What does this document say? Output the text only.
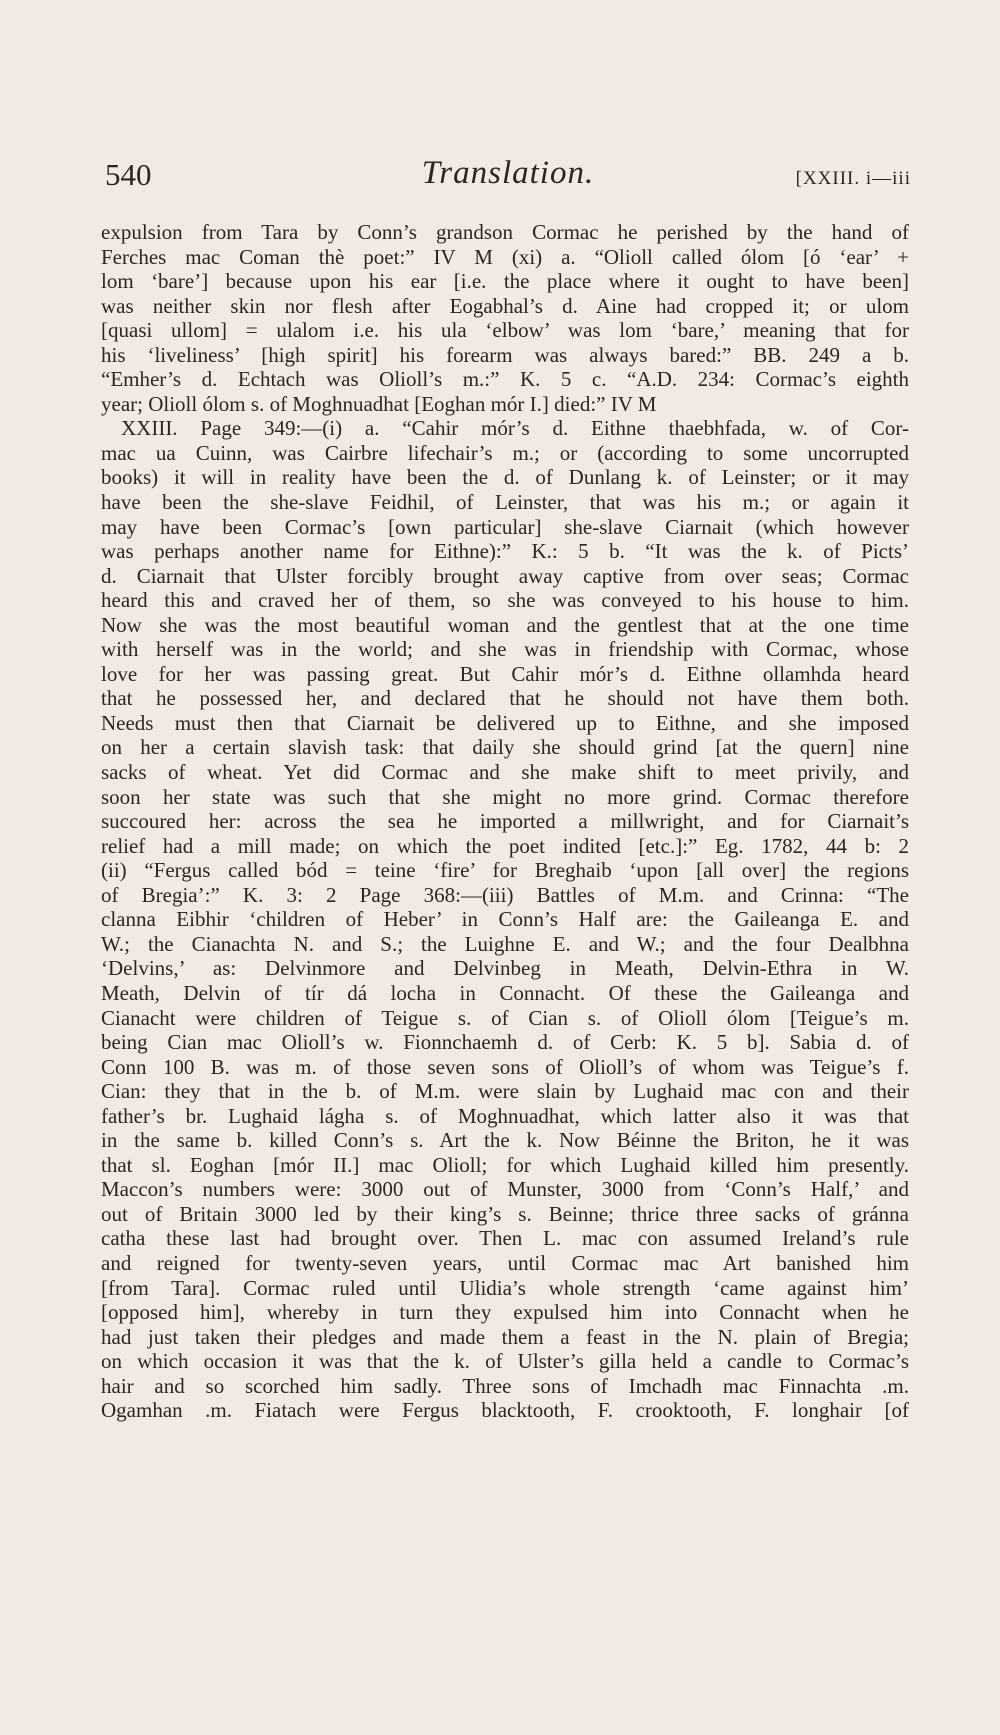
540	Translation.	[XXIII. i—iii
expulsion from Tara by Conn’s grandson Cormac he perished by the hand of
Ferches mac Coman thè poet:” IV M (xi) a. “Olioll called ólom [ó ‘ear’ +
lom ‘bare’] because upon his ear [i.e. the place where it ought to have been]
was neither skin nor flesh after Eogabhal’s d. Aine had cropped it; or ulom
[quasi ullom] = ulalom i.e. his ula ‘elbow’ was lom ‘bare,’ meaning that for
his ‘liveliness’ [high spirit] his forearm was always bared:” BB. 249 a b.
“Emher’s d. Echtach was Olioll’s m.:” K. 5 c. “A.D. 234: Cormac’s eighth
year; Olioll ólom s. of Moghnuadhat [Eoghan mór I.] died:” IV M
XXIII. Page 349:—(i) a. “Cahir mór’s d. Eithne thaebhfada, w. of Cor-
mac ua Cuinn, was Cairbre lifechair’s m.; or (according to some uncorrupted
books) it will in reality have been the d. of Dunlang k. of Leinster; or it may
have been the she-slave Feidhil, of Leinster, that was his m.; or again it
may have been Cormac’s [own particular] she-slave Ciarnait (which however
was perhaps another name for Eithne):” K.: 5 b. “It was the k. of Picts’
d. Ciarnait that Ulster forcibly brought away captive from over seas; Cormac
heard this and craved her of them, so she was conveyed to his house to him.
Now she was the most beautiful woman and the gentlest that at the one time
with herself was in the world; and she was in friendship with Cormac, whose
love for her was passing great. But Cahir mór’s d. Eithne ollamhda heard
that he possessed her, and declared that he should not have them both.
Needs must then that Ciarnait be delivered up to Eithne, and she imposed
on her a certain slavish task: that daily she should grind [at the quern] nine
sacks of wheat. Yet did Cormac and she make shift to meet privily, and
soon her state was such that she might no more grind. Cormac therefore
succoured her: across the sea he imported a millwright, and for Ciarnait’s
relief had a mill made; on which the poet indited [etc.]:” Eg. 1782, 44 b: 2
(ii) “Fergus called bód = teine ‘fire’ for Breghaib ‘upon [all over] the regions
of Bregia’:” K. 3: 2 Page 368:—(iii) Battles of M.m. and Crinna: “The
clanna Eibhir ‘children of Heber’ in Conn’s Half are: the Gaileanga E. and
W.; the Cianachta N. and S.; the Luighne E. and W.; and the four Dealbhna
‘Delvins,’ as: Delvinmore and Delvinbeg in Meath, Delvin-Ethra in W.
Meath, Delvin of tír dá locha in Connacht. Of these the Gaileanga and
Cianacht were children of Teigue s. of Cian s. of Olioll ólom [Teigue’s m.
being Cian mac Olioll’s w. Fionnchaemh d. of Cerb: K. 5 b]. Sabia d. of
Conn 100 B. was m. of those seven sons of Olioll’s of whom was Teigue’s f.
Cian: they that in the b. of M.m. were slain by Lughaid mac con and their
father’s br. Lughaid lágha s. of Moghnuadhat, which latter also it was that
in the same b. killed Conn’s s. Art the k. Now Béinne the Briton, he it was
that sl. Eoghan [mór II.] mac Olioll; for which Lughaid killed him presently.
Maccon’s numbers were: 3000 out of Munster, 3000 from ‘Conn’s Half,’ and
out of Britain 3000 led by their king’s s. Beinne; thrice three sacks of gránna
catha these last had brought over. Then L. mac con assumed Ireland’s rule
and reigned for twenty-seven years, until Cormac mac Art banished him
[from Tara]. Cormac ruled until Ulidia’s whole strength ‘came against him’
[opposed him], whereby in turn they expulsed him into Connacht when he
had just taken their pledges and made them a feast in the N. plain of Bregia;
on which occasion it was that the k. of Ulster’s gilla held a candle to Cormac’s
hair and so scorched him sadly. Three sons of Imchadh mac Finnachta .m.
Ogamhan .m. Fiatach were Fergus blacktooth, F. crooktooth, F. longhair [of
